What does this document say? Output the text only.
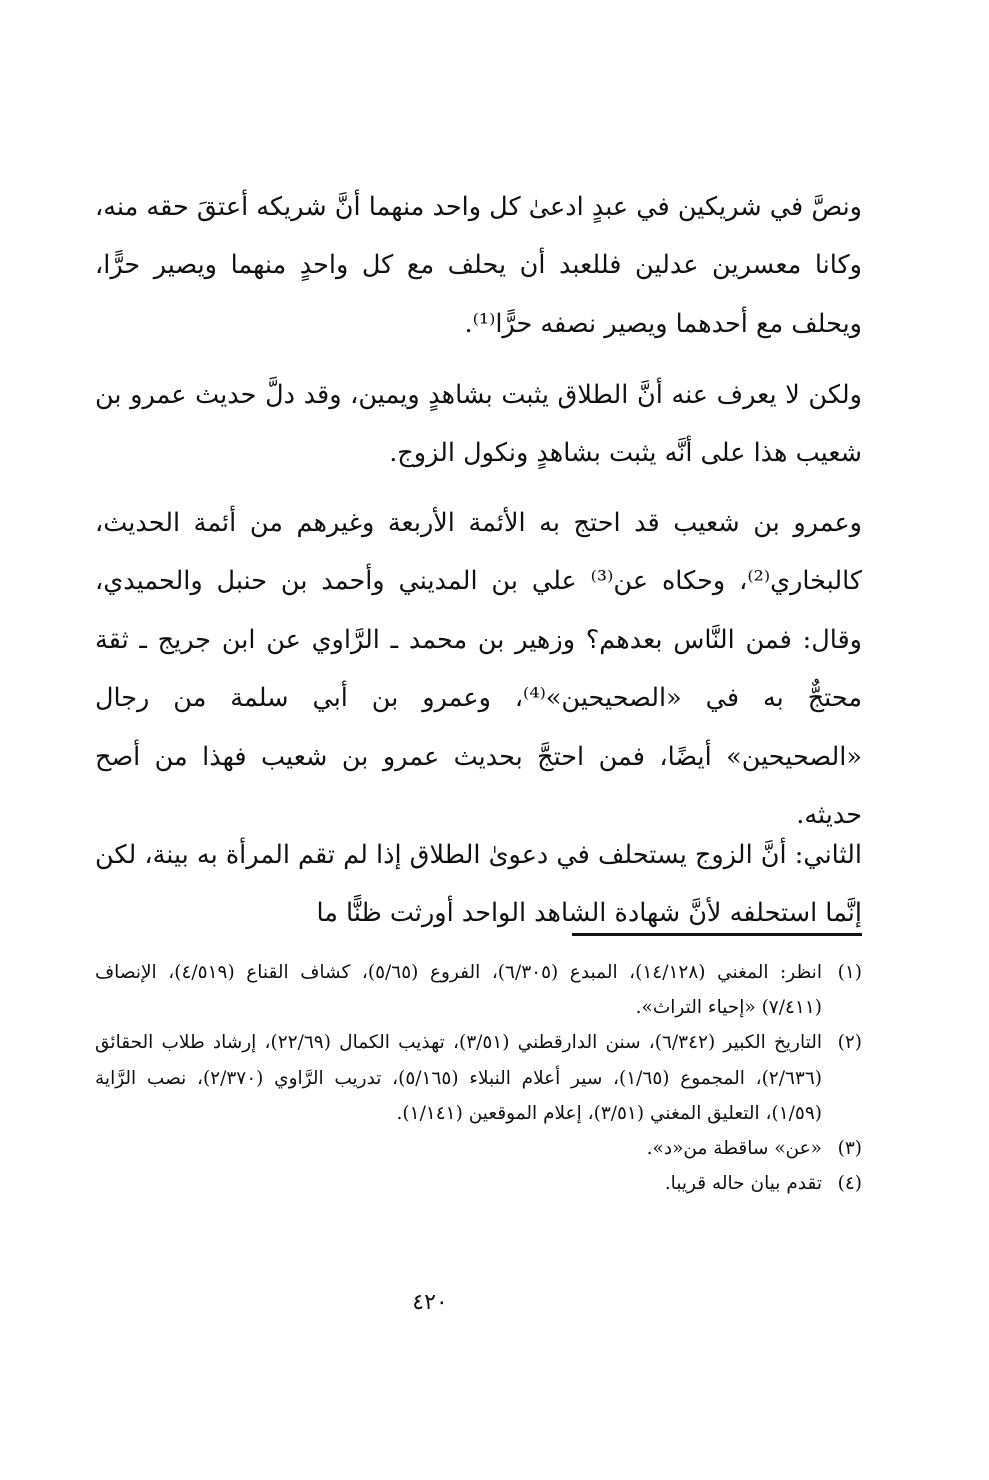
ونصَّ في شريكين في عبدٍ ادعىٰ كل واحد منهما أنَّ شريكه أعتقَ حقه منه، وكانا معسرين عدلين فللعبد أن يحلف مع كل واحدٍ منهما ويصير حرًّا، ويحلف مع أحدهما ويصير نصفه حرًّا⁽¹⁾.

ولكن لا يعرف عنه أنَّ الطلاق يثبت بشاهدٍ ويمين، وقد دلَّ حديث عمرو بن شعيب هذا على أنَّه يثبت بشاهدٍ ونكول الزوج.

وعمرو بن شعيب قد احتج به الأئمة الأربعة وغيرهم من أئمة الحديث، كالبخاري⁽²⁾، وحكاه عن⁽³⁾ علي بن المديني وأحمد بن حنبل والحميدي، وقال: فمن النَّاس بعدهم؟ وزهير بن محمد ـ الرَّاوي عن ابن جريج ـ ثقة محتجٌّ به في «الصحيحين»⁽⁴⁾، وعمرو بن أبي سلمة من رجال «الصحيحين» أيضًا، فمن احتجَّ بحديث عمرو بن شعيب فهذا من أصح حديثه.

الثاني: أنَّ الزوج يستحلف في دعوىٰ الطلاق إذا لم تقم المرأة به بينة، لكن إنَّما استحلفه لأنَّ شهادة الشاهد الواحد أورثت ظنًّا ما

(١)
انظر: المغني (١٤/١٢٨)، المبدع (٦/٣٠٥)، الفروع (٥/٦٥)، كشاف القناع (٤/٥١٩)، الإنصاف (٧/٤١١) «إحياء التراث».
(٢)
التاريخ الكبير (٦/٣٤٢)، سنن الدارقطني (٣/٥١)، تهذيب الكمال (٢٢/٦٩)، إرشاد طلاب الحقائق (٢/٦٣٦)، المجموع (١/٦٥)، سير أعلام النبلاء (٥/١٦٥)، تدريب الرَّاوي (٢/٣٧٠)، نصب الرَّاية (١/٥٩)، التعليق المغني (٣/٥١)، إعلام الموقعين (١/١٤١).
(٣)
«عن» ساقطة من«د».
(٤)
تقدم بيان حاله قريبا.
٤٢٠
